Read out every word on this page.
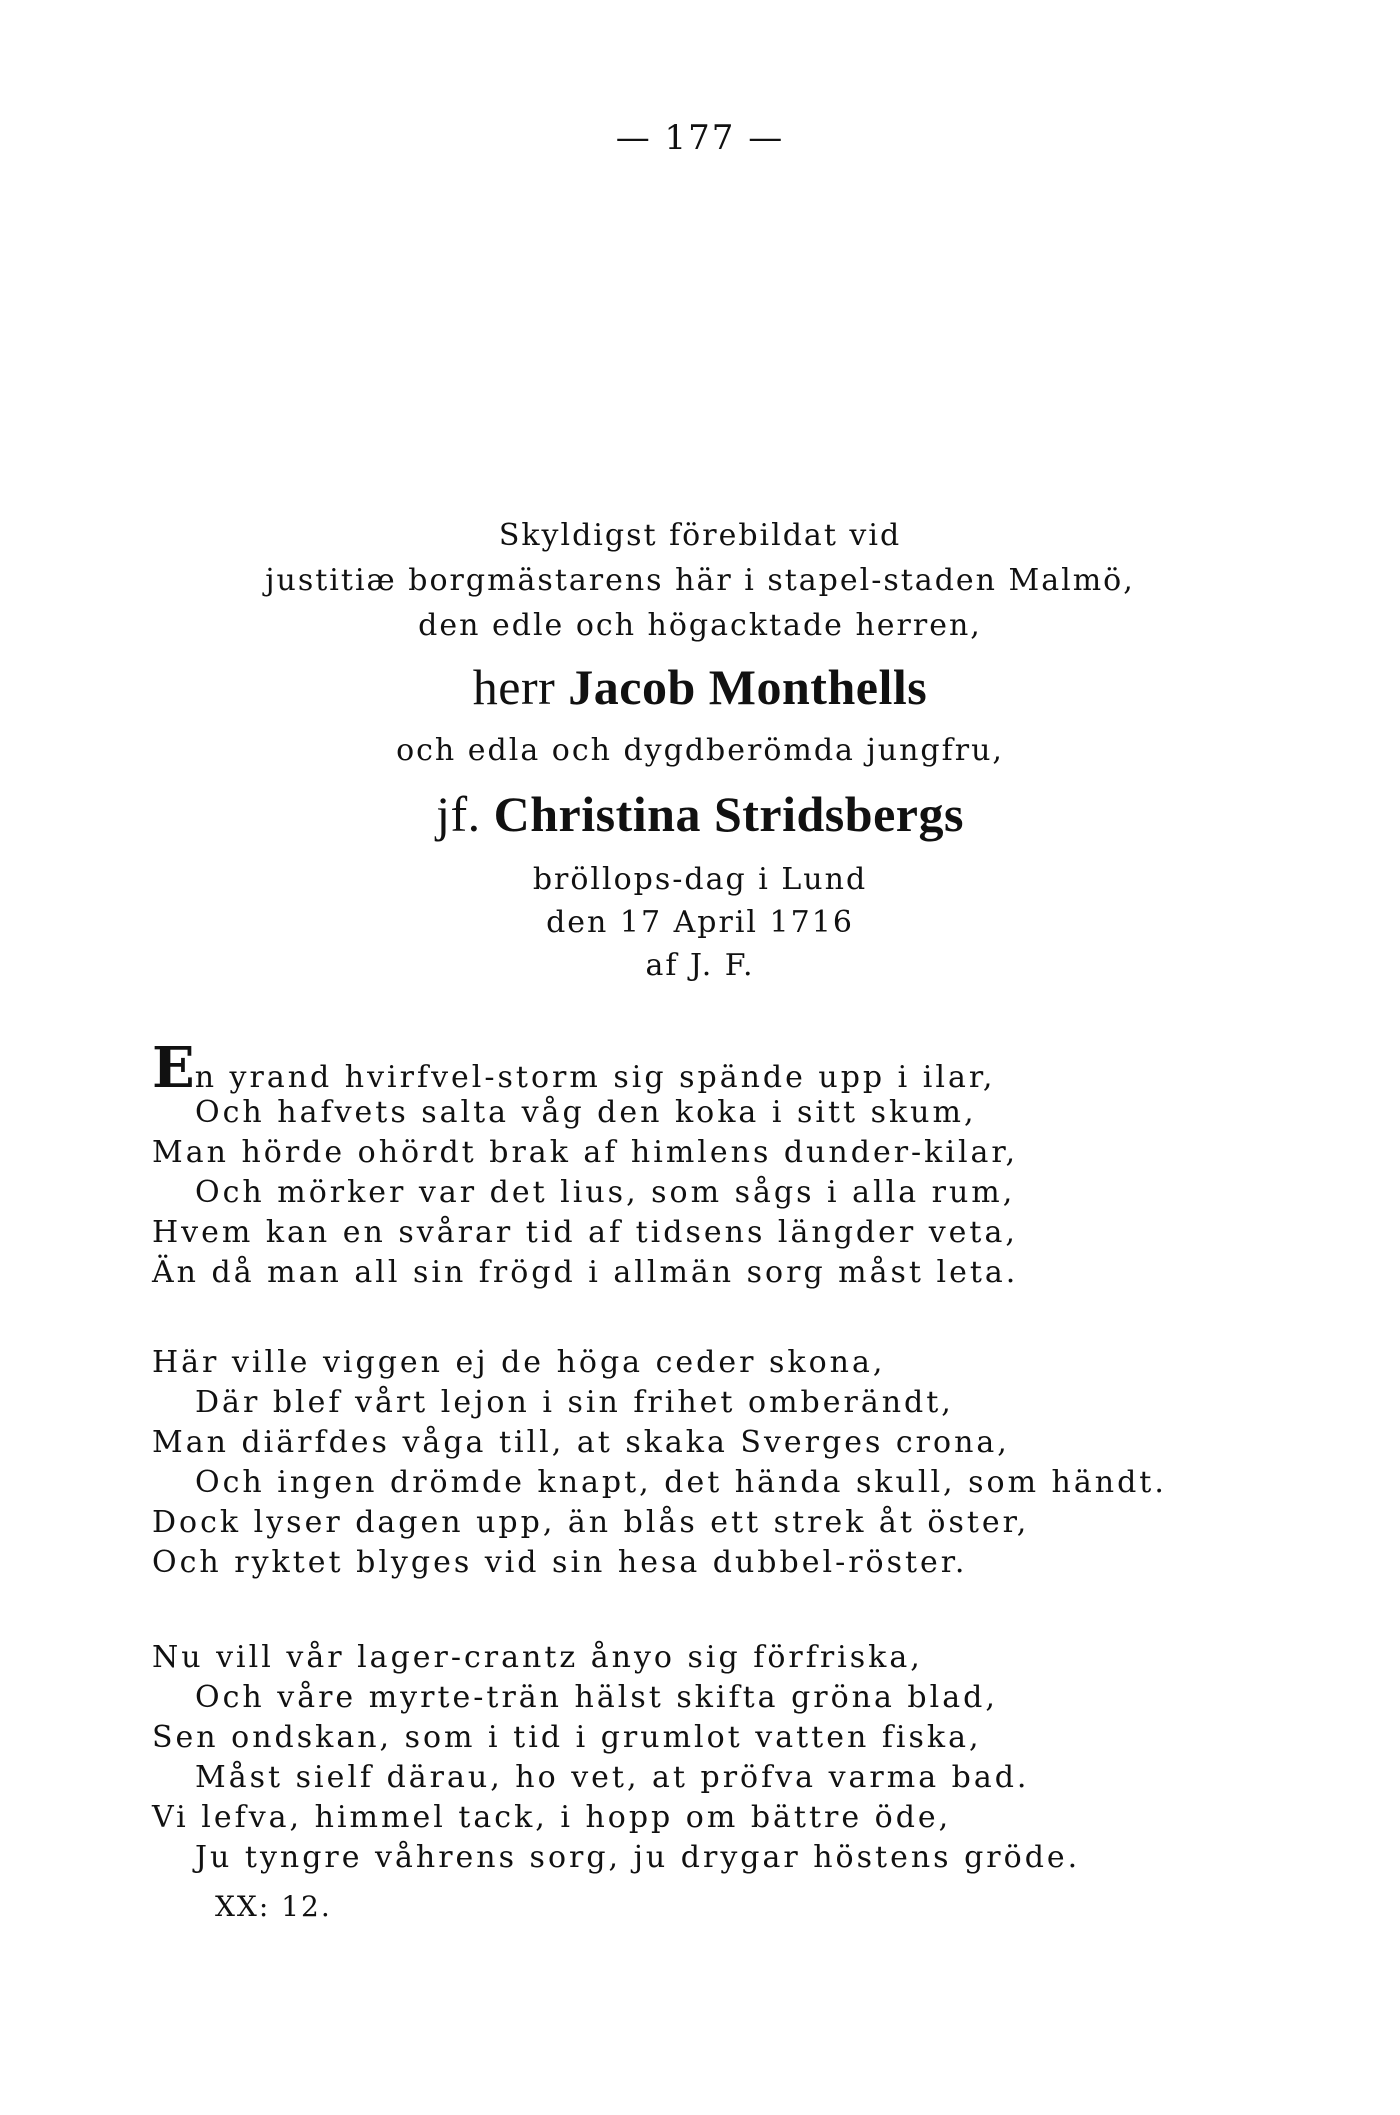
— 177 —
Skyldigst förebildat vid
justitiæ borgmästarens här i stapel-staden Malmö,
den edle och högacktade herren,
herr Jacob Monthells
och edla och dygdberömda jungfru,
jf. Christina Stridsbergs
bröllops-dag i Lund
den 17 April 1716
af J. F.
En yrand hvirfvel-storm sig spände upp i ilar,
Och hafvets salta våg den koka i sitt skum,
Man hörde ohördt brak af himlens dunder-kilar,
Och mörker var det lius, som sågs i alla rum,
Hvem kan en svårar tid af tidsens längder veta,
Än då man all sin frögd i allmän sorg måst leta.
Här ville viggen ej de höga ceder skona,
Där blef vårt lejon i sin frihet omberändt,
Man diärfdes våga till, at skaka Sverges crona,
Och ingen drömde knapt, det hända skull, som händt.
Dock lyser dagen upp, än blås ett strek åt öster,
Och ryktet blyges vid sin hesa dubbel-röster.
Nu vill vår lager-crantz ånyo sig förfriska,
Och våre myrte-trän hälst skifta gröna blad,
Sen ondskan, som i tid i grumlot vatten fiska,
Måst sielf därau, ho vet, at pröfva varma bad.
Vi lefva, himmel tack, i hopp om bättre öde,
Ju tyngre våhrens sorg, ju drygar höstens gröde.
XX: 12.
